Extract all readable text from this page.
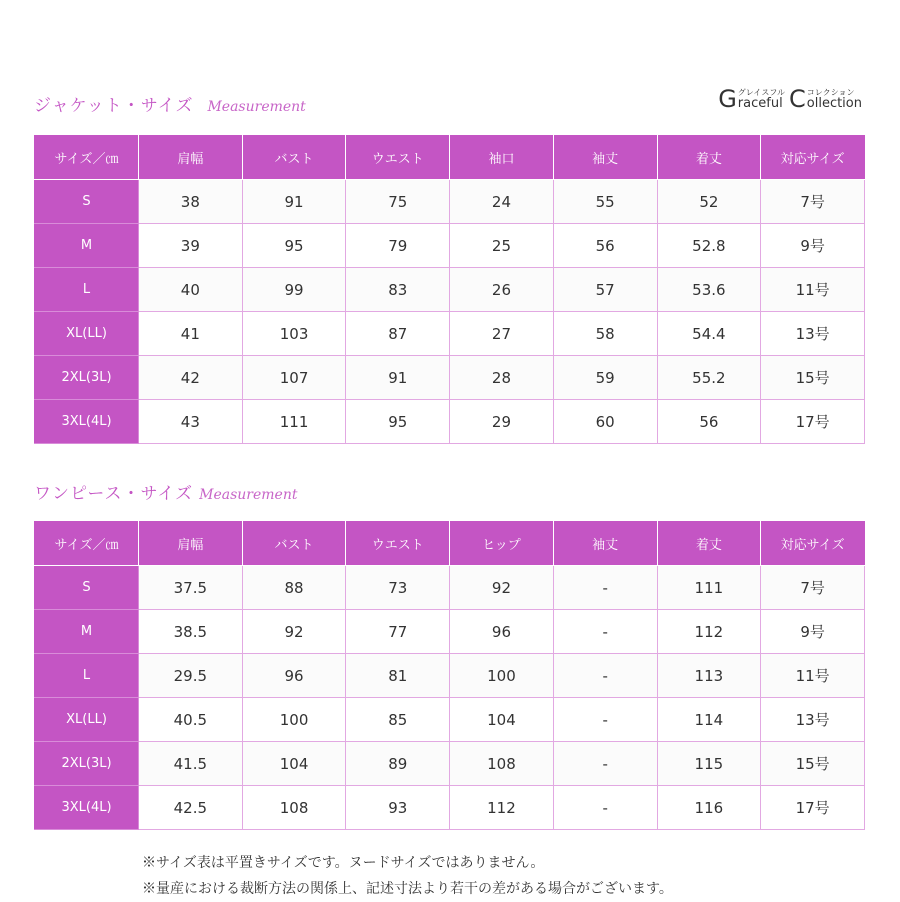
ジャケット・サイズ Measurement	G グレイスフル
raceful C コレクション
ollection
サイズ／㎝	肩幅	バスト	ウエスト	袖口	袖丈	着丈	対応サイズ
S	38	91	75	24	55	52	7号
M	39	95	79	25	56	52.8	9号
L	40	99	83	26	57	53.6	11号
XL(LL)	41	103	87	27	58	54.4	13号
2XL(3L)	42	107	91	28	59	55.2	15号
3XL(4L)	43	111	95	29	60	56	17号
ワンピース・サイズ Measurement
サイズ／㎝	肩幅	バスト	ウエスト	ヒップ	袖丈	着丈	対応サイズ
S	37.5	88	73	92	-	111	7号
M	38.5	92	77	96	-	112	9号
L	29.5	96	81	100	-	113	11号
XL(LL)	40.5	100	85	104	-	114	13号
2XL(3L)	41.5	104	89	108	-	115	15号
3XL(4L)	42.5	108	93	112	-	116	17号
※サイズ表は平置きサイズです。ヌードサイズではありません。
※量産における裁断方法の関係上、記述寸法より若干の差がある場合がございます。
